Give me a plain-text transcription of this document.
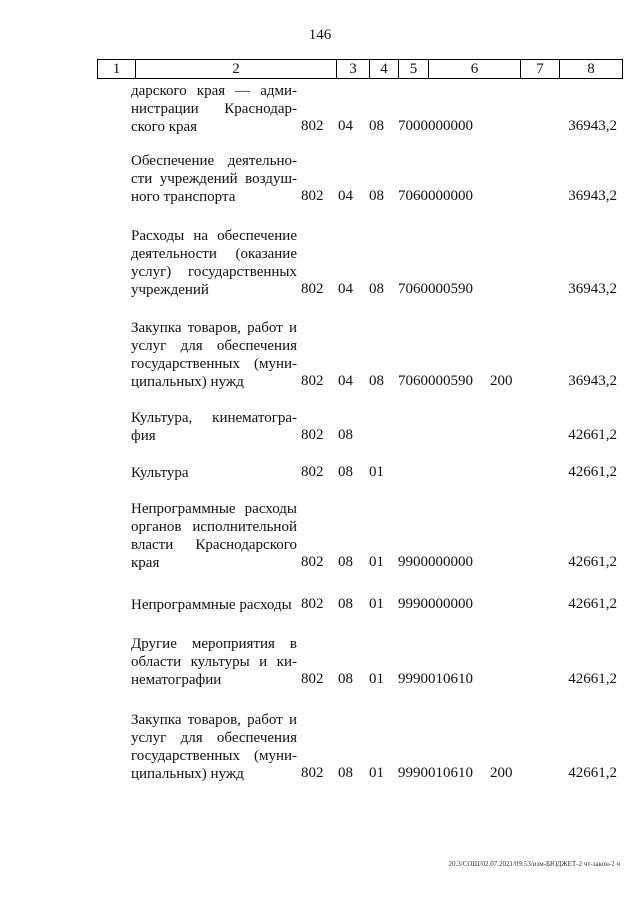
146
1	2	3	4	5	6	7	8
дарского края — адми-
нистрации Краснодар-
ского края	802 04 08 7000000000	36943,2
Обеспечение деятельно-
сти учреждений воздуш-
ного транспорта	802 04 08 7060000000	36943,2
Расходы на обеспечение
деятельности (оказание
услуг) государственных
учреждений	802 04 08 7060000590	36943,2
Закупка товаров, работ и
услуг для обеспечения
государственных (муни-
ципальных) нужд	802 04 08 7060000590 200	36943,2
Культура, кинематогра-
фия	802 08	42661,2
Культура	802 08 01	42661,2
Непрограммные расходы
органов исполнительной
власти Краснодарского
края	802 08 01 9900000000	42661,2
Непрограммные расходы 802 08 01 9990000000	42661,2
Другие мероприятия в
области культуры и ки-
нематографии	802 08 01 9990010610	42661,2
Закупка товаров, работ и
услуг для обеспечения
государственных (муни-
ципальных) нужд	802 08 01 9990010610 200	42661,2
20.3/СОШ/02.07.2021/09:53/изм-БЮДЖЕТ-2 чт-закон-2 ч
